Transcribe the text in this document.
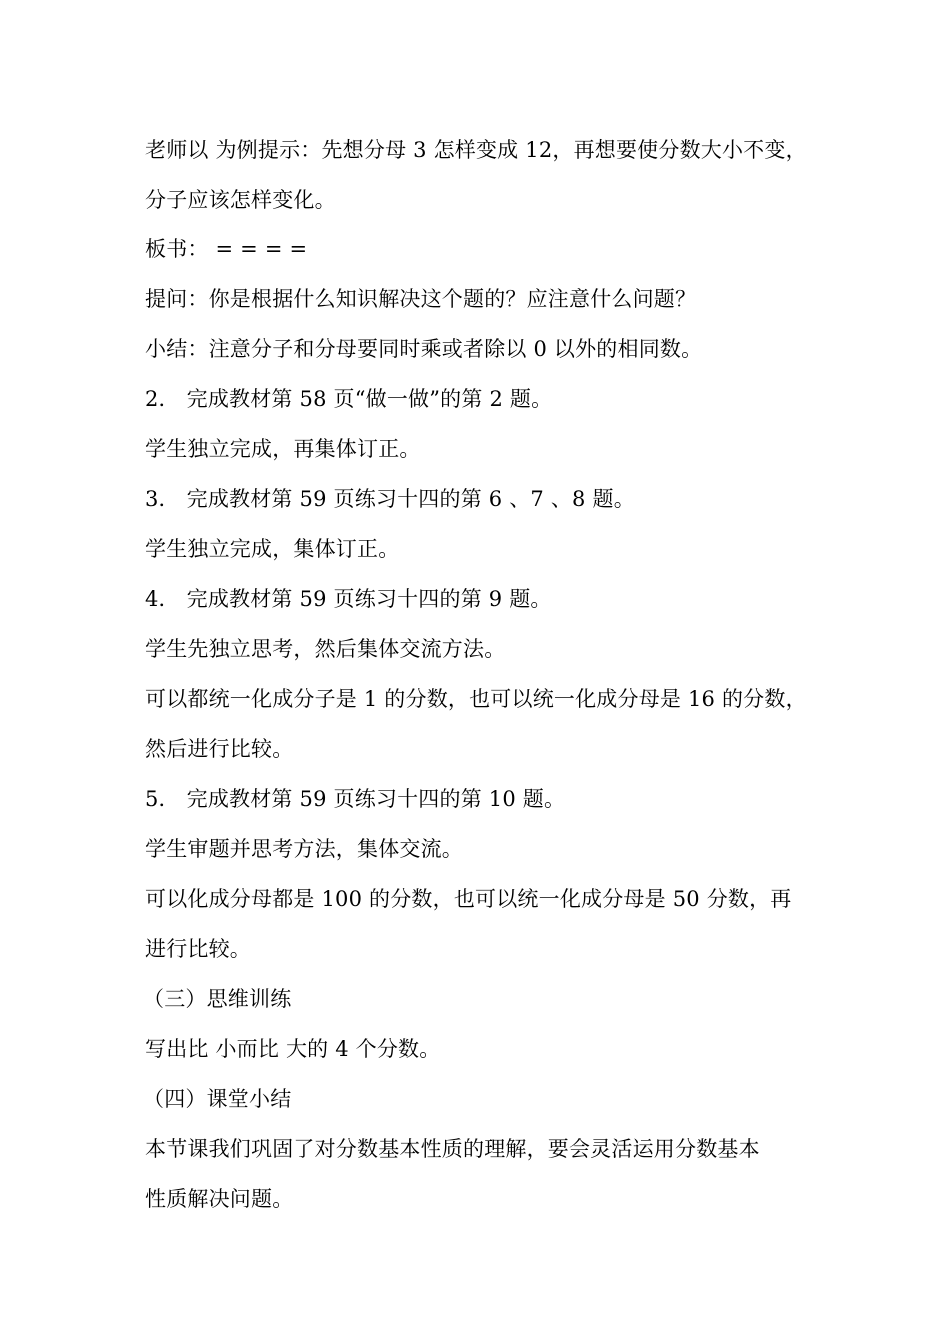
老师以 为例提示：先想分母 3 怎样变成 12，再想要使分数大小不变，
分子应该怎样变化。
板书： = = = =
提问：你是根据什么知识解决这个题的？应注意什么问题？
小结：注意分子和分母要同时乘或者除以 0 以外的相同数。
2． 完成教材第 58 页“做一做”的第 2 题。
学生独立完成，再集体订正。
3． 完成教材第 59 页练习十四的第 6 、7 、8 题。
学生独立完成，集体订正。
4． 完成教材第 59 页练习十四的第 9 题。
学生先独立思考，然后集体交流方法。
可以都统一化成分子是 1 的分数，也可以统一化成分母是 16 的分数，
然后进行比较。
5． 完成教材第 59 页练习十四的第 10 题。
学生审题并思考方法，集体交流。
可以化成分母都是 100 的分数，也可以统一化成分母是 50 分数，再
进行比较。
（三）思维训练
写出比 小而比 大的 4 个分数。
（四）课堂小结
本节课我们巩固了对分数基本性质的理解，要会灵活运用分数基本
性质解决问题。
